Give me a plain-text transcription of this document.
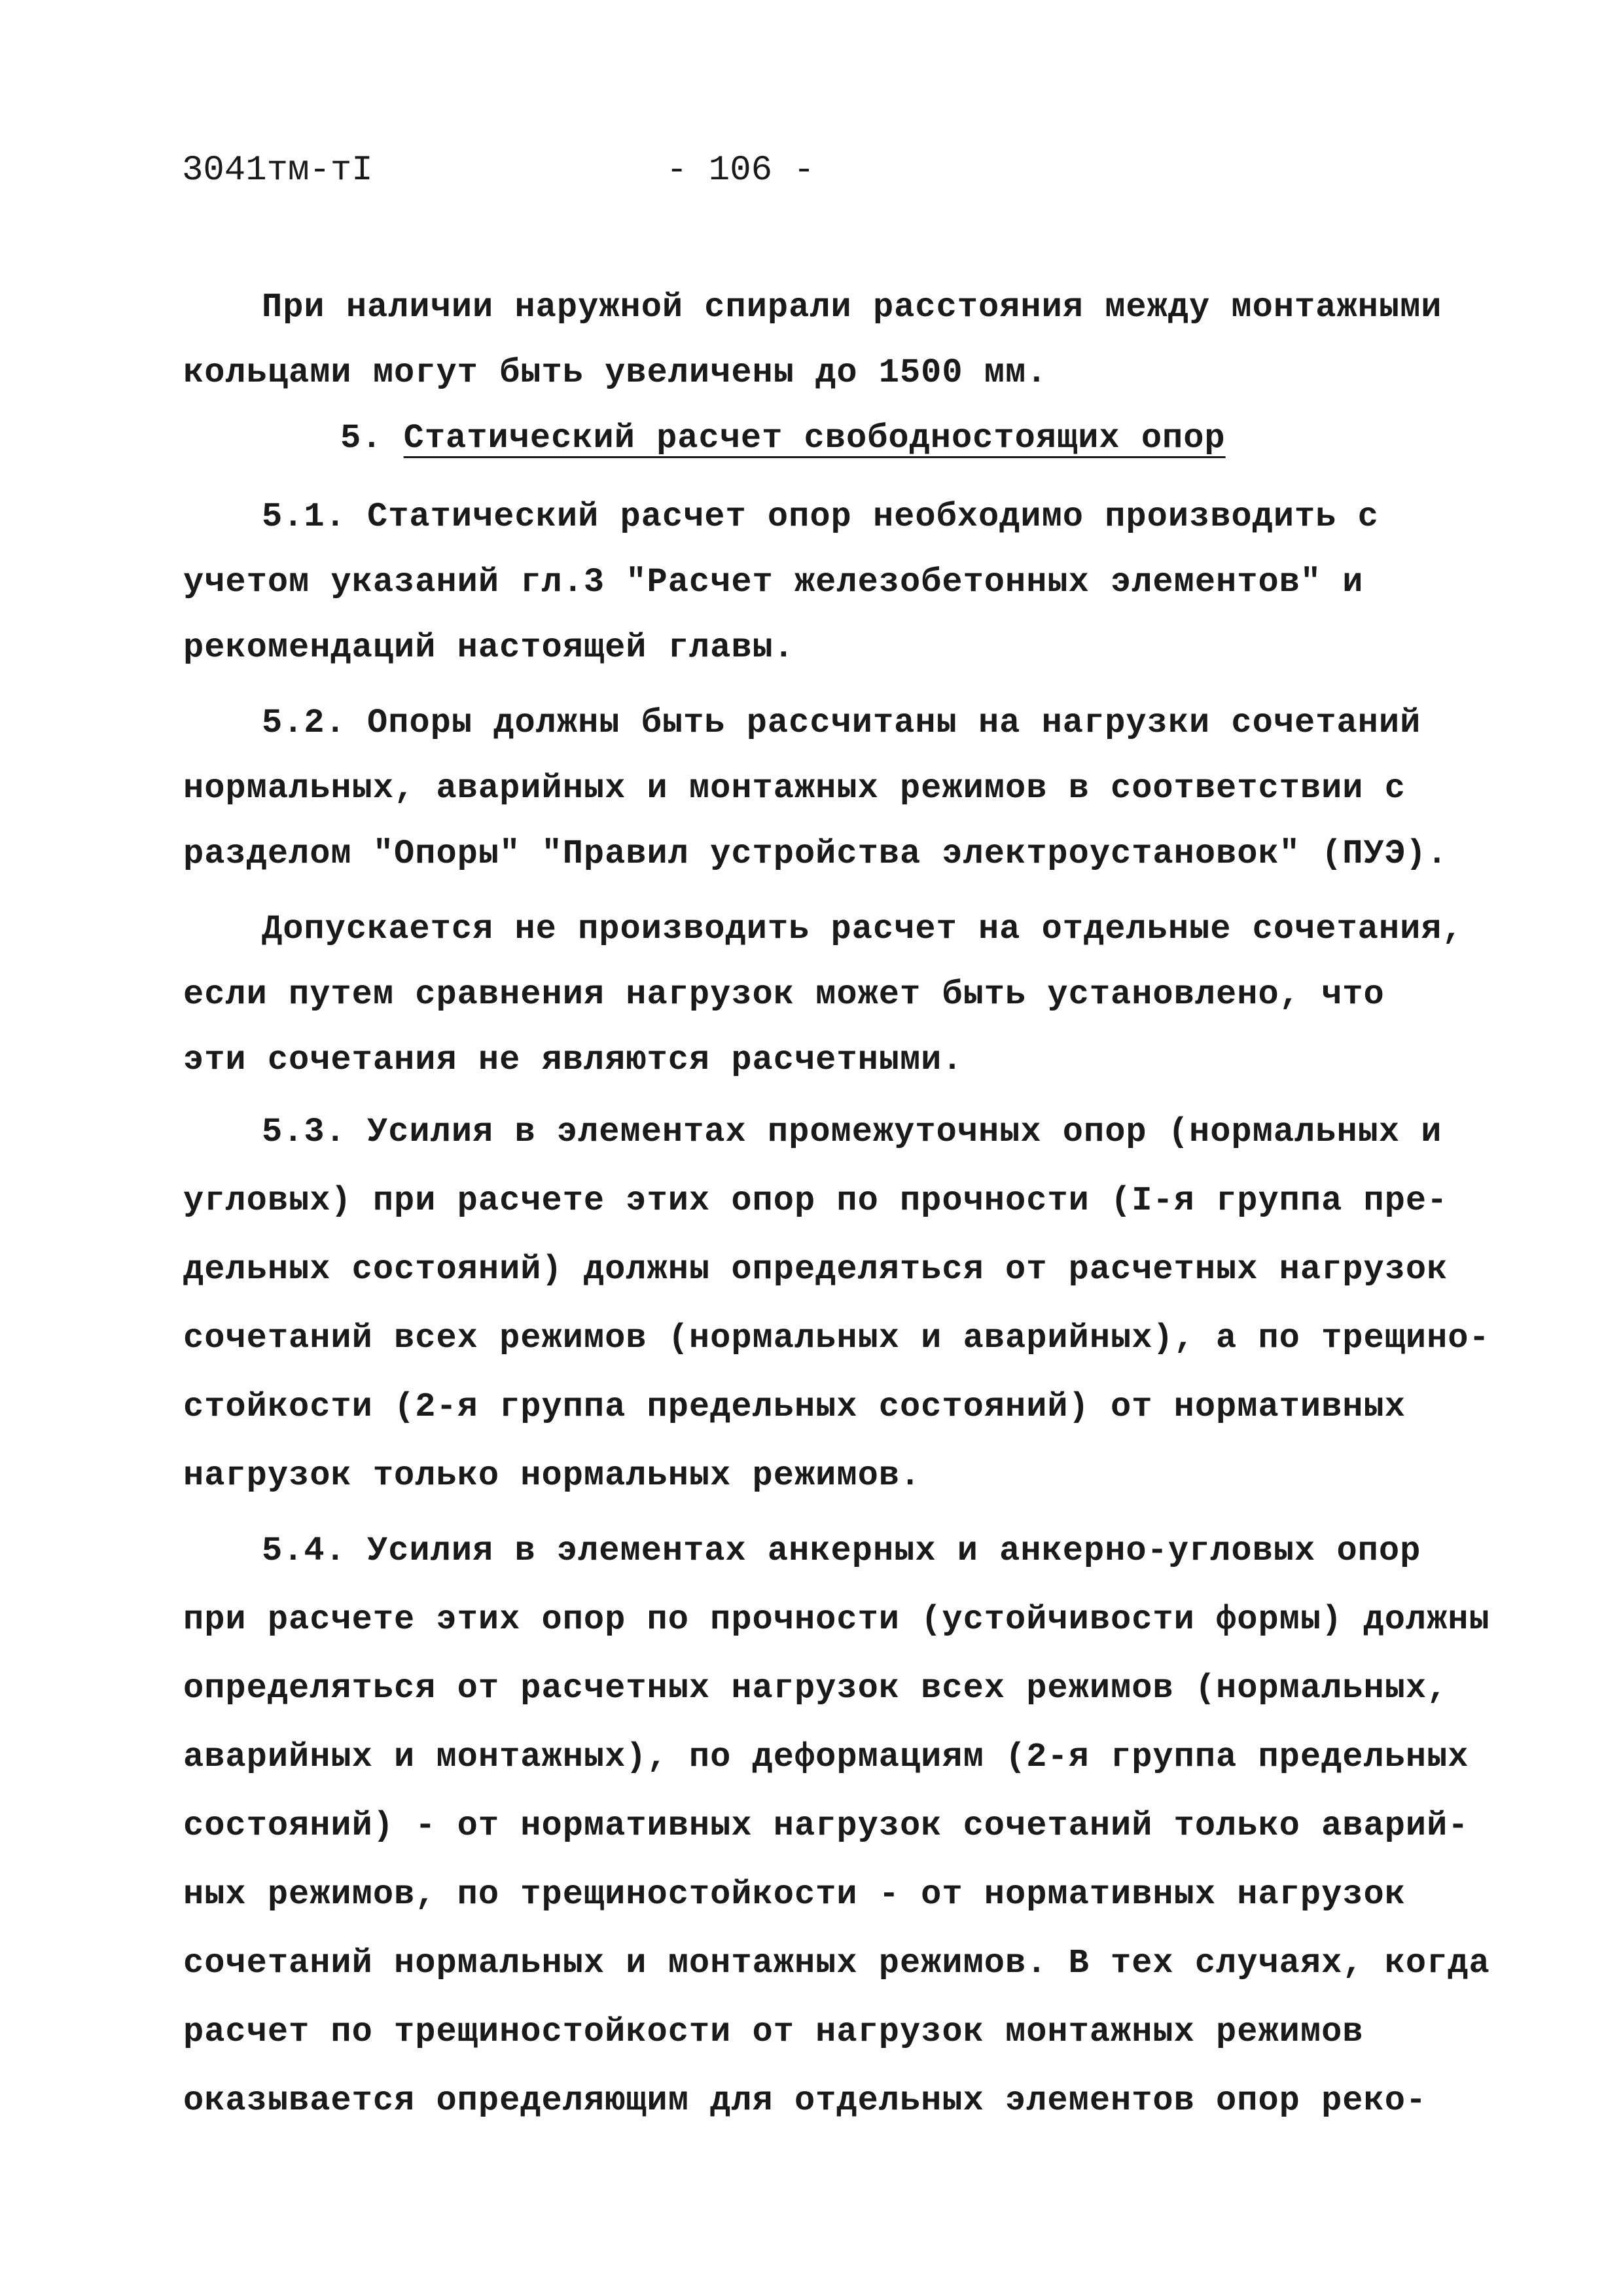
3041тм-тI	- 106 -
При наличии наружной спирали расстояния между монтажными
кольцами могут быть увеличены до 1500 мм.
5. Статический расчет свободностоящих опор
5.1. Статический расчет опор необходимо производить с
учетом указаний гл.3 "Расчет железобетонных элементов" и
рекомендаций настоящей главы.
5.2. Опоры должны быть рассчитаны на нагрузки сочетаний
нормальных, аварийных и монтажных режимов в соответствии с
разделом "Опоры" "Правил устройства электроустановок" (ПУЭ).
Допускается не производить расчет на отдельные сочетания,
если путем сравнения нагрузок может быть установлено, что
эти сочетания не являются расчетными.
5.3. Усилия в элементах промежуточных опор (нормальных и
угловых) при расчете этих опор по прочности (I-я группа пре-
дельных состояний) должны определяться от расчетных нагрузок
сочетаний всех режимов (нормальных и аварийных), а по трещино-
стойкости (2-я группа предельных состояний) от нормативных
нагрузок только нормальных режимов.
5.4. Усилия в элементах анкерных и анкерно-угловых опор
при расчете этих опор по прочности (устойчивости формы) должны
определяться от расчетных нагрузок всех режимов (нормальных,
аварийных и монтажных), по деформациям (2-я группа предельных
состояний) - от нормативных нагрузок сочетаний только аварий-
ных режимов, по трещиностойкости - от нормативных нагрузок
сочетаний нормальных и монтажных режимов. В тех случаях, когда
расчет по трещиностойкости от нагрузок монтажных режимов
оказывается определяющим для отдельных элементов опор реко-
